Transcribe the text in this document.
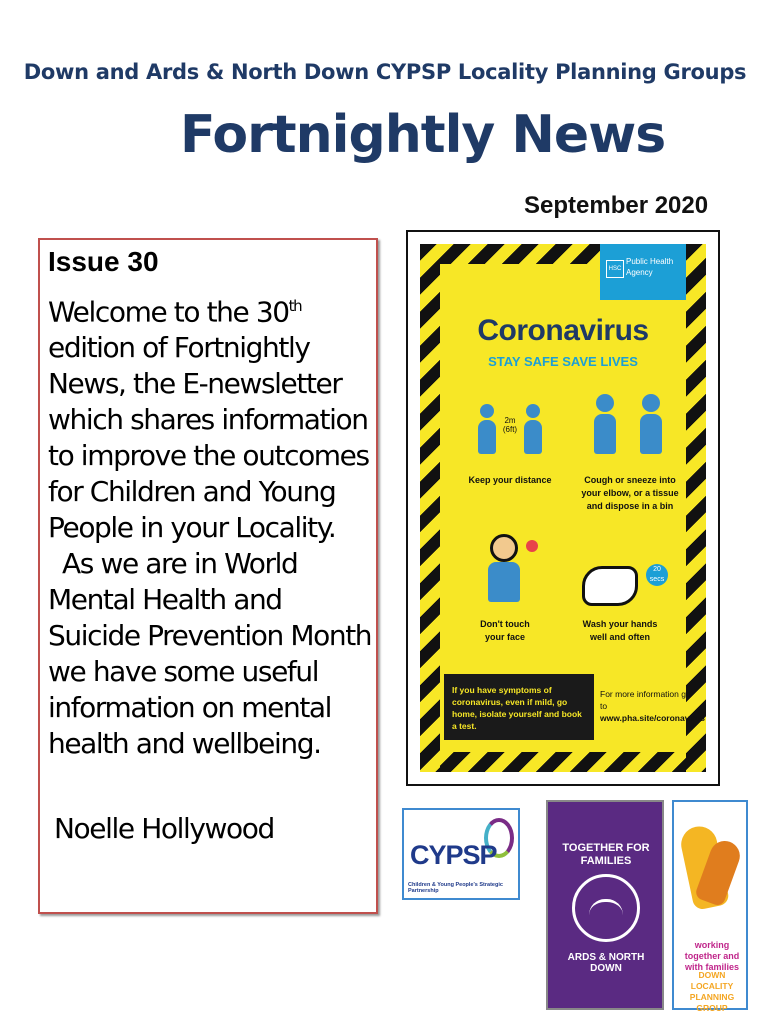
Down and Ards & North Down CYPSP Locality Planning Groups
Fortnightly News
September 2020
Issue 30

Welcome to the 30th edition of Fortnightly News, the E-newsletter which shares information to improve the outcomes for Children and Young People in your Locality.

As we are in World Mental Health and Suicide Prevention Month we have some useful information on mental health and wellbeing.

Noelle Hollywood
HSC
Public Health Agency
Coronavirus
STAY SAFE SAVE LIVES
2m (6ft)
Keep your distance	Cough or sneeze into your elbow, or a tissue and dispose in a bin
20 secs
Don't touch your face
Wash your hands well and often
If you have symptoms of coronavirus, even if mild, go home, isolate yourself and book a test.
For more information go to
www.pha.site/coronavirus
CYPSP
Children & Young People's Strategic Partnership
TOGETHER FOR FAMILIES
ARDS & NORTH DOWN
working together and with families
DOWN LOCALITY PLANNING GROUP
